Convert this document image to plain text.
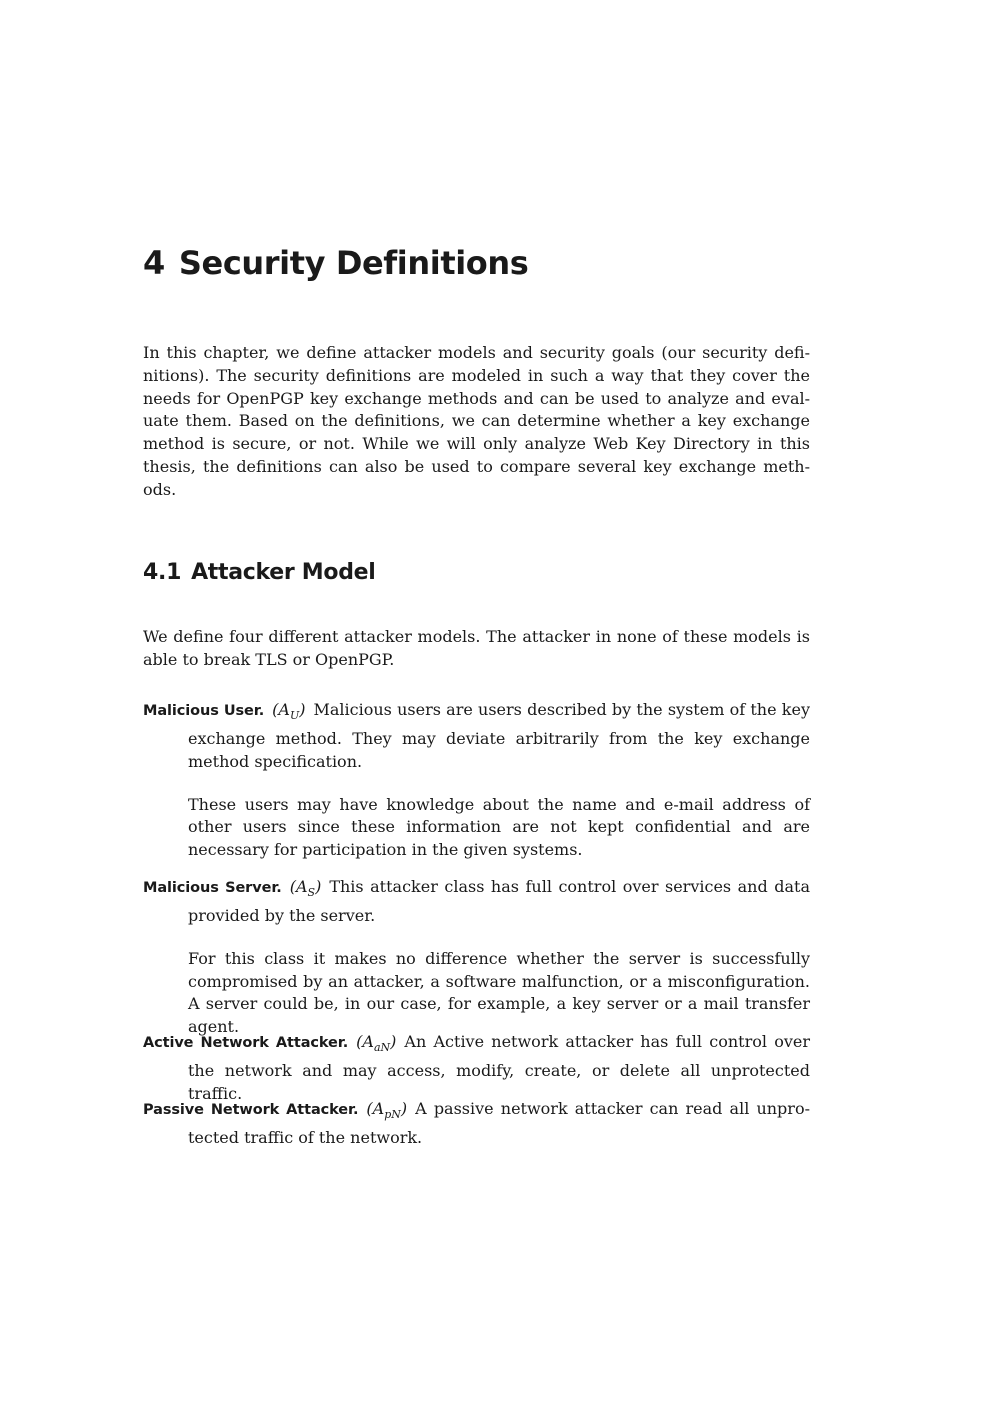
4 Security Definitions

In this chapter, we define attacker models and security goals (our security definitions). The security definitions are modeled in such a way that they cover the needs for OpenPGP key exchange methods and can be used to analyze and evaluate them. Based on the definitions, we can determine whether a key exchange method is secure, or not. While we will only analyze Web Key Directory in this thesis, the definitions can also be used to compare several key exchange methods.

4.1 Attacker Model

We define four different attacker models. The attacker in none of these models is able to break TLS or OpenPGP.

Malicious User. $(A_U)$ Malicious users are users described by the system of the key exchange method. They may deviate arbitrarily from the key exchange method specification.

These users may have knowledge about the name and e-mail address of other users since these information are not kept confidential and are necessary for participation in the given systems.

Malicious Server. $(A_S)$ This attacker class has full control over services and data provided by the server.

For this class it makes no difference whether the server is successfully compromised by an attacker, a software malfunction, or a misconfiguration. A server could be, in our case, for example, a key server or a mail transfer agent.

Active Network Attacker. $(A_{aN})$ An Active network attacker has full control over the network and may access, modify, create, or delete all unprotected traffic.

Passive Network Attacker. $(A_{pN})$ A passive network attacker can read all unprotected traffic of the network.
